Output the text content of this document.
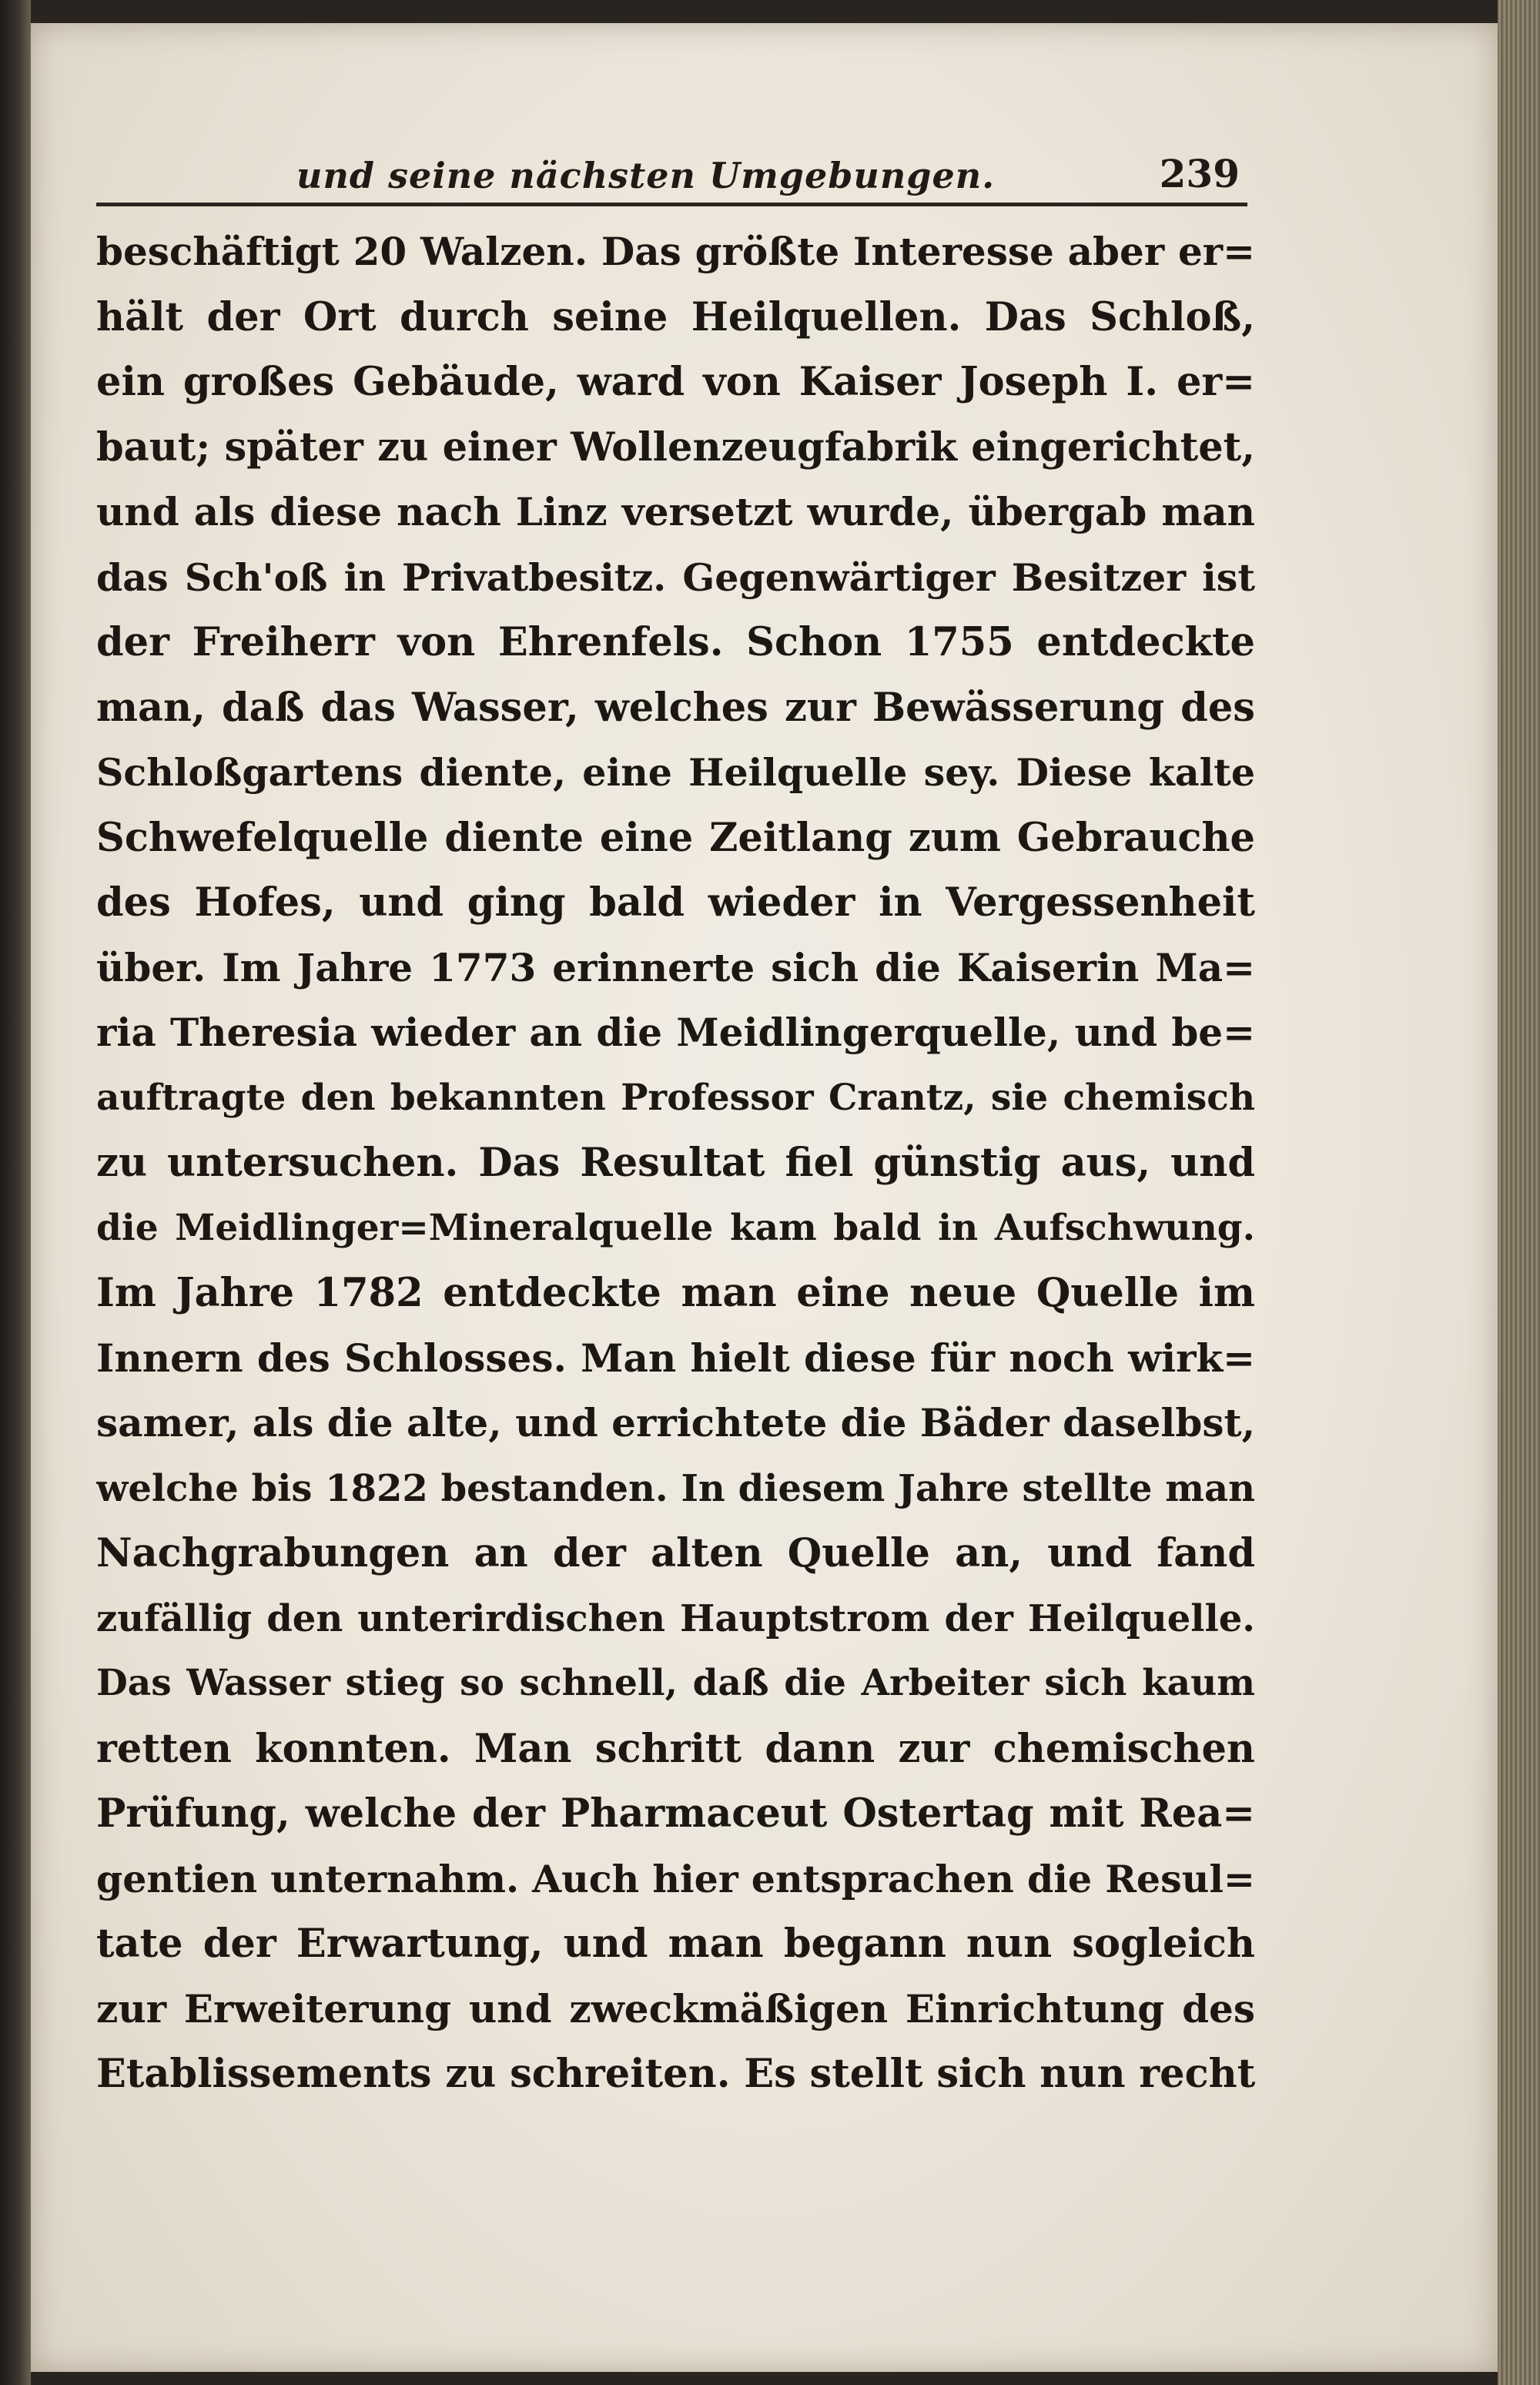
und seine nächsten Umgebungen.	239
beschäftigt 20 Walzen. Das größte Interesse aber er=
hält der Ort durch seine Heilquellen. Das Schloß,
ein großes Gebäude, ward von Kaiser Joseph I. er=
baut; später zu einer Wollenzeugfabrik eingerichtet,
und als diese nach Linz versetzt wurde, übergab man
das Sch'oß in Privatbesitz. Gegenwärtiger Besitzer ist
der Freiherr von Ehrenfels. Schon 1755 entdeckte
man, daß das Wasser, welches zur Bewässerung des
Schloßgartens diente, eine Heilquelle sey. Diese kalte
Schwefelquelle diente eine Zeitlang zum Gebrauche
des Hofes, und ging bald wieder in Vergessenheit
über. Im Jahre 1773 erinnerte sich die Kaiserin Ma=
ria Theresia wieder an die Meidlingerquelle, und be=
auftragte den bekannten Professor Crantz, sie chemisch
zu untersuchen. Das Resultat fiel günstig aus, und
die Meidlinger=Mineralquelle kam bald in Aufschwung.
Im Jahre 1782 entdeckte man eine neue Quelle im
Innern des Schlosses. Man hielt diese für noch wirk=
samer, als die alte, und errichtete die Bäder daselbst,
welche bis 1822 bestanden. In diesem Jahre stellte man
Nachgrabungen an der alten Quelle an, und fand
zufällig den unterirdischen Hauptstrom der Heilquelle.
Das Wasser stieg so schnell, daß die Arbeiter sich kaum
retten konnten. Man schritt dann zur chemischen
Prüfung, welche der Pharmaceut Ostertag mit Rea=
gentien unternahm. Auch hier entsprachen die Resul=
tate der Erwartung, und man begann nun sogleich
zur Erweiterung und zweckmäßigen Einrichtung des
Etablissements zu schreiten. Es stellt sich nun recht
